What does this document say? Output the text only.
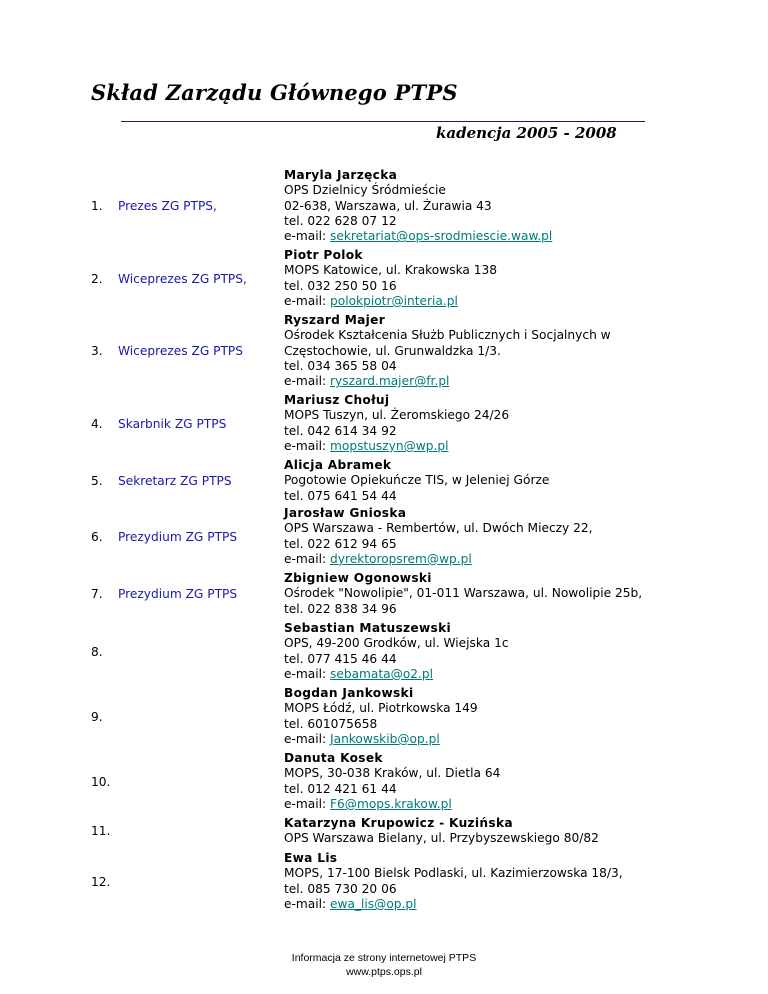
Skład Zarządu Głównego PTPS

kadencja 2005 - 2008

1. Prezes ZG PTPS,
Maryla Jarzęcka
OPS Dzielnicy Śródmieście
02-638, Warszawa, ul. Żurawia 43
tel. 022 628 07 12
e-mail: sekretariat@ops-srodmiescie.waw.pl
2. Wiceprezes ZG PTPS,
Piotr Polok
MOPS Katowice, ul. Krakowska 138
tel. 032 250 50 16
e-mail: polokpiotr@interia.pl
3. Wiceprezes ZG PTPS
Ryszard Majer
Ośrodek Kształcenia Służb Publicznych i Socjalnych w
Częstochowie, ul. Grunwaldzka 1/3.
tel. 034 365 58 04
e-mail: ryszard.majer@fr.pl
4. Skarbnik ZG PTPS
Mariusz Chołuj
MOPS Tuszyn, ul. Żeromskiego 24/26
tel. 042 614 34 92
e-mail: mopstuszyn@wp.pl
5. Sekretarz ZG PTPS
Alicja Abramek
Pogotowie Opiekuńcze TIS, w Jeleniej Górze
tel. 075 641 54 44
6. Prezydium ZG PTPS
Jarosław Gnioska
OPS Warszawa - Rembertów, ul. Dwóch Mieczy 22,
tel. 022 612 94 65
e-mail: dyrektoropsrem@wp.pl
7. Prezydium ZG PTPS
Zbigniew Ogonowski
Ośrodek "Nowolipie", 01-011 Warszawa, ul. Nowolipie 25b,
tel. 022 838 34 96
8.
Sebastian Matuszewski
OPS, 49-200 Grodków, ul. Wiejska 1c
tel. 077 415 46 44
e-mail: sebamata@o2.pl
9.
Bogdan Jankowski
MOPS Łódź, ul. Piotrkowska 149
tel. 601075658
e-mail: Jankowskib@op.pl
10.
Danuta Kosek
MOPS, 30-038 Kraków, ul. Dietla 64
tel. 012 421 61 44
e-mail: F6@mops.krakow.pl
11.
Katarzyna Krupowicz - Kuzińska
OPS Warszawa Bielany, ul. Przybyszewskiego 80/82
12.
Ewa Lis
MOPS, 17-100 Bielsk Podlaski, ul. Kazimierzowska 18/3,
tel. 085 730 20 06
e-mail: ewa_lis@op.pl
Informacja ze strony internetowej PTPS
www.ptps.ops.pl
